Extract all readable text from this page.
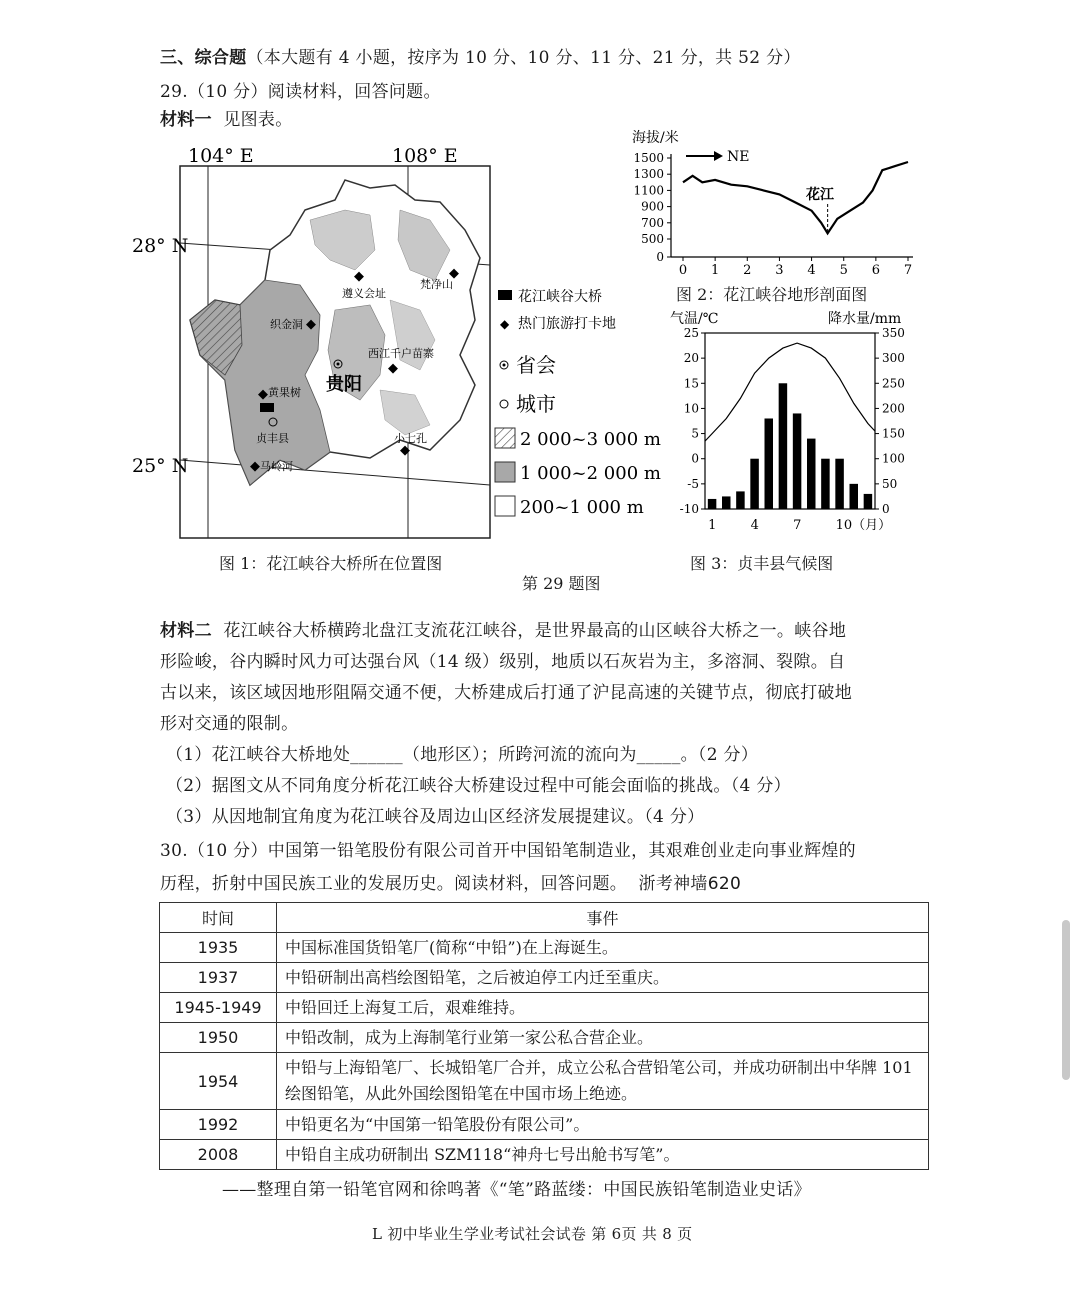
三、综合题（本大题有 4 小题，按序为 10 分、10 分、11 分、21 分，共 52 分）
29.（10 分）阅读材料，回答问题。
材料一 见图表。
◆	◆
◆
◆
◆
◆
◆
104° E	108° E
28° N
25° N
遵义会址
梵净山
织金洞
西江千户苗寨
贵阳
黄果树
贞丰县	小七孔
马岭河
花江峡谷大桥
◆ 热门旅游打卡地
省会
城市
2 000~3 000 m
1 000~2 000 m
200~1 000 m
图 1：花江峡谷大桥所在位置图
海拔/米
NE
花江
1500
1300
1100
900
700
500
0
0 1 2 3 4 5 6 7
图 2：花江峡谷地形剖面图
气温/℃	降水量/mm
25
20
15
10
5
0
-5
-10
350
300
250
200
150
100
50
0
1	4	7	10（月）
图 3：贞丰县气候图
第 29 题图
材料二 花江峡谷大桥横跨北盘江支流花江峡谷，是世界最高的山区峡谷大桥之一。峡谷地
形险峻，谷内瞬时风力可达强台风（14 级）级别，地质以石灰岩为主，多溶洞、裂隙。自
古以来，该区域因地形阻隔交通不便，大桥建成后打通了沪昆高速的关键节点，彻底打破地
形对交通的限制。
（1）花江峡谷大桥地处______（地形区）；所跨河流的流向为_____。（2 分）
（2）据图文从不同角度分析花江峡谷大桥建设过程中可能会面临的挑战。（4 分）
（3）从因地制宜角度为花江峡谷及周边山区经济发展提建议。（4 分）
30.（10 分）中国第一铅笔股份有限公司首开中国铅笔制造业，其艰难创业走向事业辉煌的
历程，折射中国民族工业的发展历史。阅读材料，回答问题。 浙考神墙620
时间	事件
1935	中国标准国货铅笔厂(简称“中铅”)在上海诞生。
1937	中铅研制出高档绘图铅笔，之后被迫停工内迁至重庆。
1945-1949	中铅回迁上海复工后，艰难维持。
1950	中铅改制，成为上海制笔行业第一家公私合营企业。
1954	中铅与上海铅笔厂、长城铅笔厂合并，成立公私合营铅笔公司，并成功研制出中华牌 101 绘图铅笔，从此外国绘图铅笔在中国市场上绝迹。
1992	中铅更名为“中国第一铅笔股份有限公司”。
2008	中铅自主成功研制出 SZM118“神舟七号出舱书写笔”。
——整理自第一铅笔官网和徐鸣著《“笔”路蓝缕：中国民族铅笔制造业史话》
L 初中毕业生学业考试社会试卷 第 6页 共 8 页
